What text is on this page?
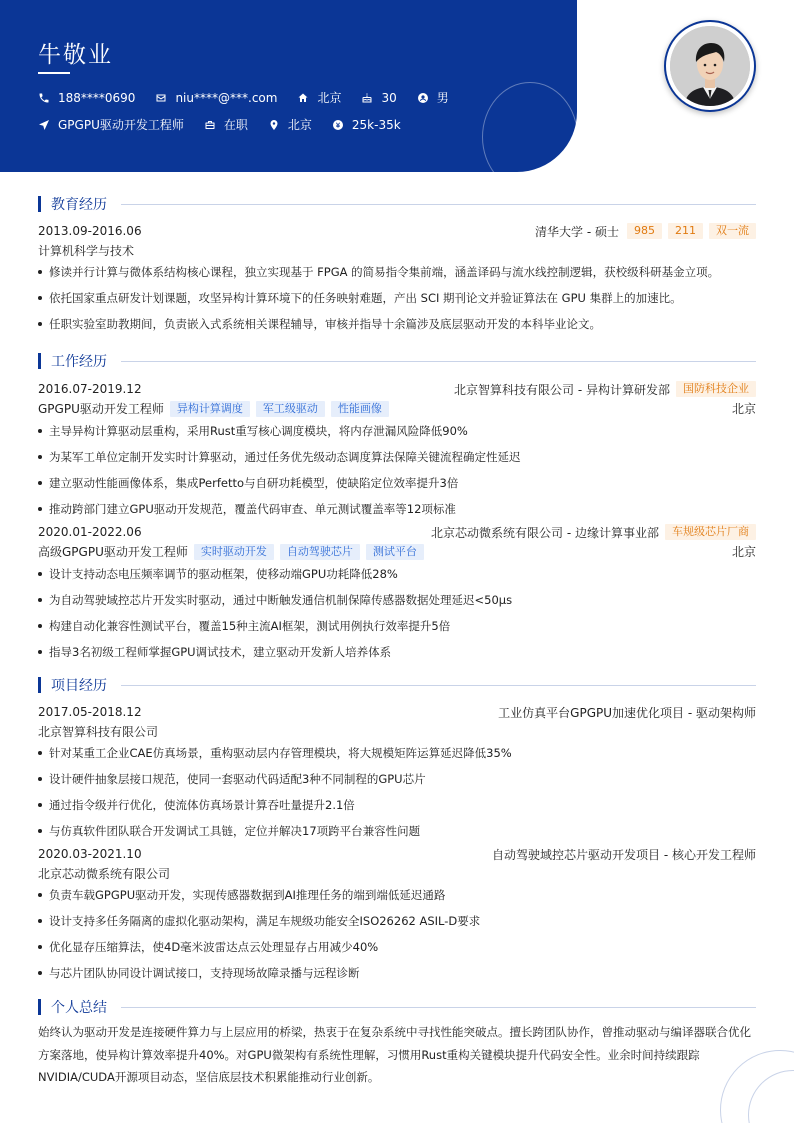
牛敬业
188****0690	niu****@***.com	北京	30	男
GPGPU驱动开发工程师	在职	北京	25k-35k
教育经历
2013.09-2016.06	清华大学 - 硕士	985	211	双一流
计算机科学与技术
修读并行计算与微体系结构核心课程，独立实现基于 FPGA 的简易指令集前端，涵盖译码与流水线控制逻辑，获校级科研基金立项。
依托国家重点研发计划课题，攻坚异构计算环境下的任务映射难题，产出 SCI 期刊论文并验证算法在 GPU 集群上的加速比。
任职实验室助教期间，负责嵌入式系统相关课程辅导，审核并指导十余篇涉及底层驱动开发的本科毕业论文。
工作经历
2016.07-2019.12	北京智算科技有限公司 - 异构计算研发部	国防科技企业
GPGPU驱动开发工程师	异构计算调度	军工级驱动	性能画像	北京
主导异构计算驱动层重构，采用Rust重写核心调度模块，将内存泄漏风险降低90%
为某军工单位定制开发实时计算驱动，通过任务优先级动态调度算法保障关键流程确定性延迟
建立驱动性能画像体系，集成Perfetto与自研功耗模型，使缺陷定位效率提升3倍
推动跨部门建立GPU驱动开发规范，覆盖代码审查、单元测试覆盖率等12项标准
2020.01-2022.06	北京芯动微系统有限公司 - 边缘计算事业部	车规级芯片厂商
高级GPGPU驱动开发工程师	实时驱动开发	自动驾驶芯片	测试平台	北京
设计支持动态电压频率调节的驱动框架，使移动端GPU功耗降低28%
为自动驾驶域控芯片开发实时驱动，通过中断触发通信机制保障传感器数据处理延迟<50μs
构建自动化兼容性测试平台，覆盖15种主流AI框架，测试用例执行效率提升5倍
指导3名初级工程师掌握GPU调试技术，建立驱动开发新人培养体系
项目经历
2017.05-2018.12	工业仿真平台GPGPU加速优化项目 - 驱动架构师
北京智算科技有限公司
针对某重工企业CAE仿真场景，重构驱动层内存管理模块，将大规模矩阵运算延迟降低35%
设计硬件抽象层接口规范，使同一套驱动代码适配3种不同制程的GPU芯片
通过指令级并行优化，使流体仿真场景计算吞吐量提升2.1倍
与仿真软件团队联合开发调试工具链，定位并解决17项跨平台兼容性问题
2020.03-2021.10	自动驾驶域控芯片驱动开发项目 - 核心开发工程师
北京芯动微系统有限公司
负责车载GPGPU驱动开发，实现传感器数据到AI推理任务的端到端低延迟通路
设计支持多任务隔离的虚拟化驱动架构，满足车规级功能安全ISO26262 ASIL-D要求
优化显存压缩算法，使4D毫米波雷达点云处理显存占用减少40%
与芯片团队协同设计调试接口，支持现场故障录播与远程诊断
个人总结
始终认为驱动开发是连接硬件算力与上层应用的桥梁，热衷于在复杂系统中寻找性能突破点。擅长跨团队协作，曾推动驱动与编译器联合优化方案落地，使异构计算效率提升40%。对GPU微架构有系统性理解，习惯用Rust重构关键模块提升代码安全性。业余时间持续跟踪NVIDIA/CUDA开源项目动态，坚信底层技术积累能推动行业创新。
